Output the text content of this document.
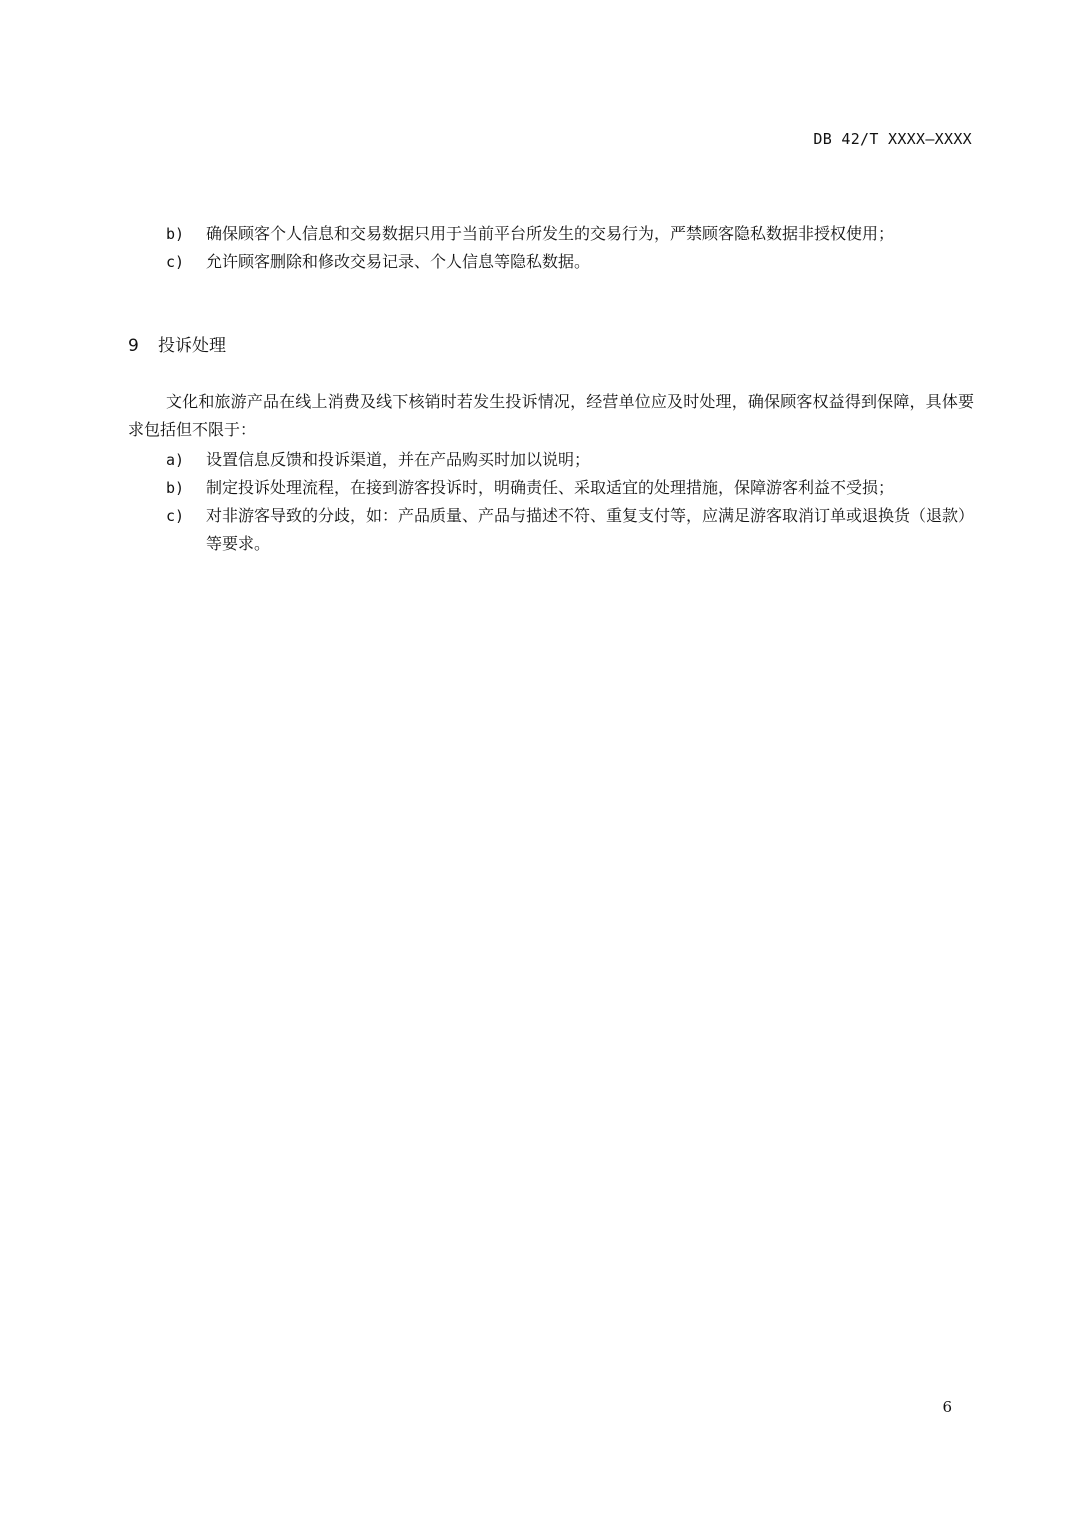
DB 42/T XXXX—XXXX
b)	确保顾客个人信息和交易数据只用于当前平台所发生的交易行为，严禁顾客隐私数据非授权使用；
c)	允许顾客删除和修改交易记录、个人信息等隐私数据。
9	投诉处理
文化和旅游产品在线上消费及线下核销时若发生投诉情况，经营单位应及时处理，确保顾客权益得到保障，具体要求包括但不限于：
a)	设置信息反馈和投诉渠道，并在产品购买时加以说明；
b)	制定投诉处理流程，在接到游客投诉时，明确责任、采取适宜的处理措施，保障游客利益不受损；
c)	对非游客导致的分歧，如：产品质量、产品与描述不符、重复支付等，应满足游客取消订单或退换货（退款）等要求。
6
